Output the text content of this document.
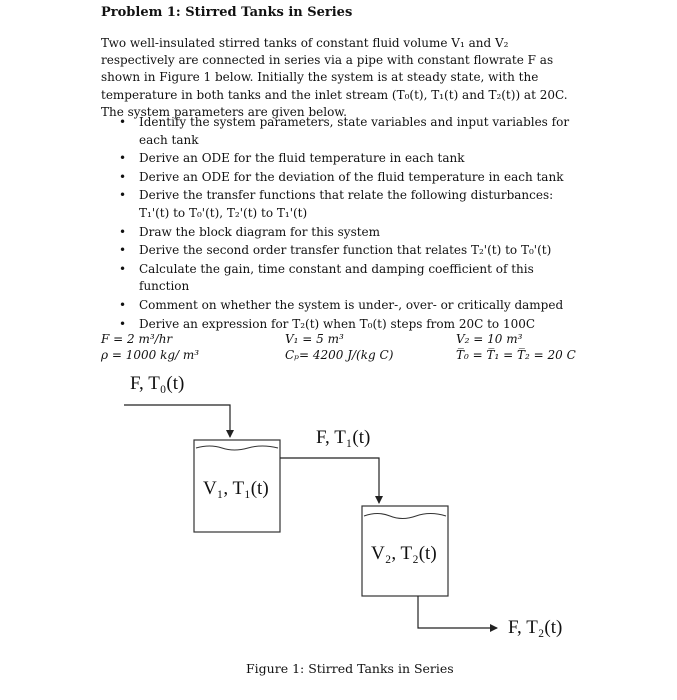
Problem 1: Stirred Tanks in Series

Two well-insulated stirred tanks of constant fluid volume V₁ and V₂ respectively are connected in series via a pipe with constant flowrate F as shown in Figure 1 below. Initially the system is at steady state, with the temperature in both tanks and the inlet stream (T₀(t), T₁(t) and T₂(t)) at 20C. The system parameters are given below.

• Identify the system parameters, state variables and input variables for each tank
• Derive an ODE for the fluid temperature in each tank
• Derive an ODE for the deviation of the fluid temperature in each tank
• Derive the transfer functions that relate the following disturbances: T₁'(t) to T₀'(t), T₂'(t) to T₁'(t)
• Draw the block diagram for this system
• Derive the second order transfer function that relates T₂'(t) to T₀'(t)
• Calculate the gain, time constant and damping coefficient of this function
• Comment on whether the system is under-, over- or critically damped
• Derive an expression for T₂(t) when T₀(t) steps from 20C to 100C
F = 2 m³/hr
ρ = 1000 kg/ m³
V₁ = 5 m³
Cₚ= 4200 J/(kg C)
V₂ = 10 m³
T̅₀ = T̅₁ = T̅₂ = 20 C
F, T₀(t)
V₁, T₁(t)
F, T₁(t)
V₂, T₂(t)
F, T₂(t)
Figure 1: Stirred Tanks in Series
